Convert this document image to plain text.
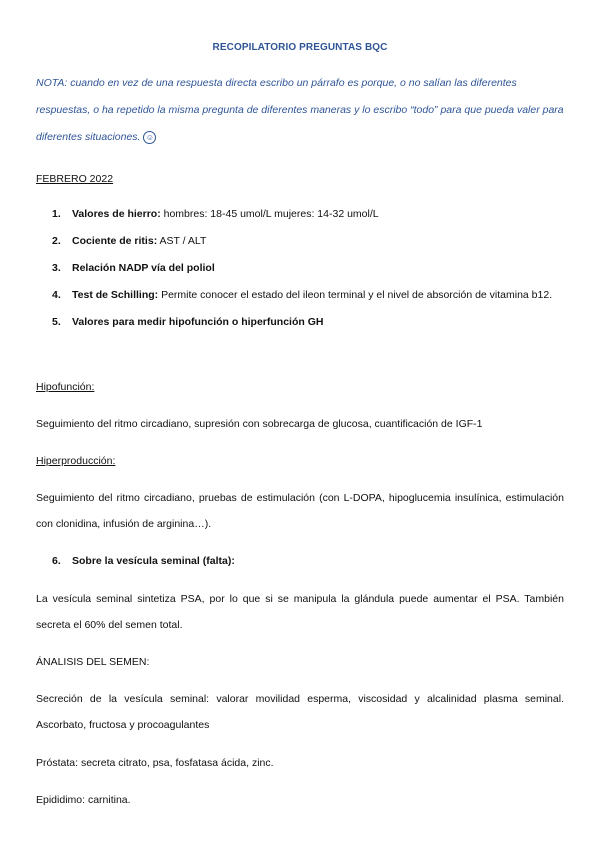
RECOPILATORIO PREGUNTAS BQC
NOTA: cuando en vez de una respuesta directa escribo un párrafo es porque, o no salían las diferentes respuestas, o ha repetido la misma pregunta de diferentes maneras y lo escribo “todo” para que pueda valer para diferentes situaciones. ☺
FEBRERO 2022
1.	Valores de hierro: hombres: 18-45 umol/L mujeres: 14-32 umol/L
2.	Cociente de ritis: AST / ALT
3.	Relación NADP vía del poliol
4.	Test de Schilling: Permite conocer el estado del ileon terminal y el nivel de absorción de vitamina b12.
5.	Valores para medir hipofunción o hiperfunción GH
Hipofunción:
Seguimiento del ritmo circadiano, supresión con sobrecarga de glucosa, cuantificación de IGF-1
Hiperproducción:
Seguimiento del ritmo circadiano, pruebas de estimulación (con L-DOPA, hipoglucemia insulínica, estimulación con clonidina, infusión de arginina…).
6.	Sobre la vesícula seminal (falta):
La vesícula seminal sintetiza PSA, por lo que si se manipula la glándula puede aumentar el PSA. También secreta el 60% del semen total.
ÁNALISIS DEL SEMEN:
Secreción de la vesícula seminal: valorar movilidad esperma, viscosidad y alcalinidad plasma seminal. Ascorbato, fructosa y procoagulantes
Próstata: secreta citrato, psa, fosfatasa ácida, zinc.
Epididimo: carnitina.
